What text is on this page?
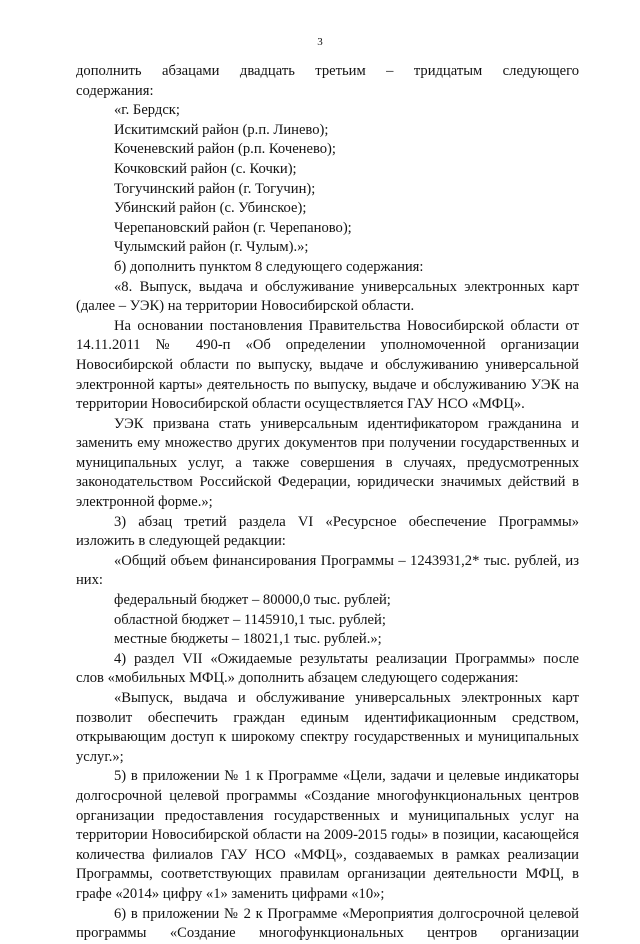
3

дополнить абзацами двадцать третьим – тридцатым следующего

содержания:

«г. Бердск;

Искитимский район (р.п. Линево);

Коченевский район (р.п. Коченево);

Кочковский район (с. Кочки);

Тогучинский район (г. Тогучин);

Убинский район (с. Убинское);

Черепановский район (г. Черепаново);

Чулымский район (г. Чулым).»;

б) дополнить пунктом 8 следующего содержания:

«8. Выпуск, выдача и обслуживание универсальных электронных карт (далее – УЭК) на территории Новосибирской области.

На основании постановления Правительства Новосибирской области от 14.11.2011 № 490-п «Об определении уполномоченной организации Новосибирской области по выпуску, выдаче и обслуживанию универсальной электронной карты» деятельность по выпуску, выдаче и обслуживанию УЭК на территории Новосибирской области осуществляется ГАУ НСО «МФЦ».

УЭК призвана стать универсальным идентификатором гражданина и заменить ему множество других документов при получении государственных и муниципальных услуг, а также совершения в случаях, предусмотренных законодательством Российской Федерации, юридически значимых действий в электронной форме.»;

3) абзац третий раздела VI «Ресурсное обеспечение Программы» изложить в следующей редакции:

«Общий объем финансирования Программы – 1243931,2* тыс. рублей, из них:

федеральный бюджет – 80000,0 тыс. рублей;

областной бюджет – 1145910,1 тыс. рублей;

местные бюджеты – 18021,1 тыс. рублей.»;

4) раздел VII «Ожидаемые результаты реализации Программы» после слов «мобильных МФЦ.» дополнить абзацем следующего содержания:

«Выпуск, выдача и обслуживание универсальных электронных карт позволит обеспечить граждан единым идентификационным средством, открывающим доступ к широкому спектру государственных и муниципальных услуг.»;

5) в приложении № 1 к Программе «Цели, задачи и целевые индикаторы долгосрочной целевой программы «Создание многофункциональных центров организации предоставления государственных и муниципальных услуг на территории Новосибирской области на 2009-2015 годы» в позиции, касающейся количества филиалов ГАУ НСО «МФЦ», создаваемых в рамках реализации Программы, соответствующих правилам организации деятельности МФЦ, в графе «2014» цифру «1» заменить цифрами «10»;

6) в приложении № 2 к Программе «Мероприятия долгосрочной целевой программы «Создание многофункциональных центров организации
